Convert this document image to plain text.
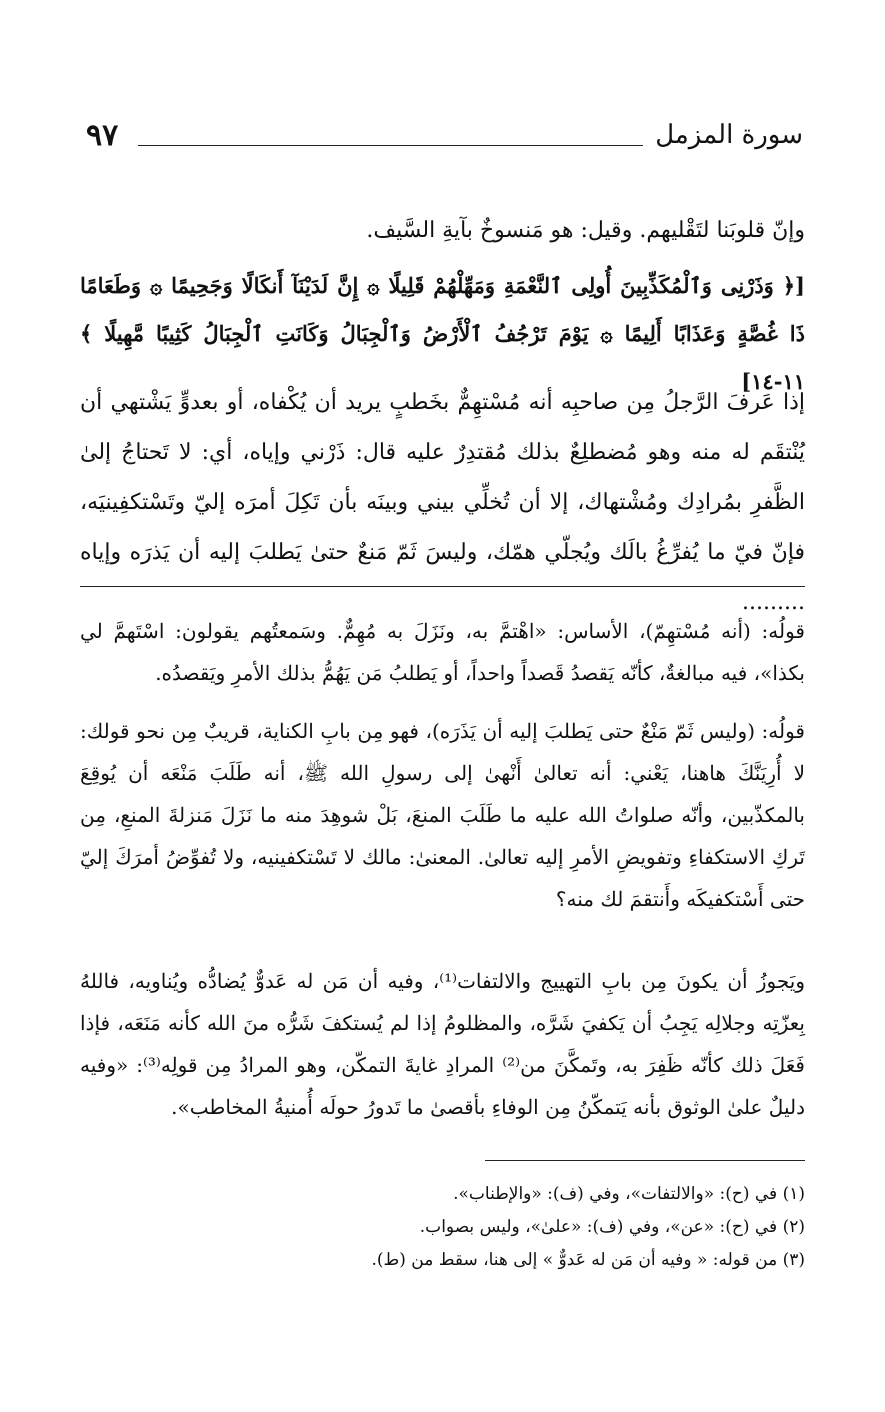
٩٧	سورة المزمل
وإنّ قلوبَنا لتَقْليهم. وقيل: هو مَنسوخٌ بآيةِ السَّيف.
[﴿ وَذَرْنِى وَٱلْمُكَذِّبِينَ أُولِى ٱلنَّعْمَةِ وَمَهِّلْهُمْ قَلِيلًا ۞ إِنَّ لَدَيْنَآ أَنكَالًا وَجَحِيمًا ۞ وَطَعَامًا ذَا غُصَّةٍ وَعَذَابًا أَلِيمًا ۞ يَوْمَ تَرْجُفُ ٱلْأَرْضُ وَٱلْجِبَالُ وَكَانَتِ ٱلْجِبَالُ كَثِيبًا مَّهِيلًا ﴾ ١١-١٤]
إذا عَرفَ الرَّجلُ مِن صاحبِه أنه مُسْتهِمٌّ بخَطبٍ يريد أن يُكْفاه، أو بعدوٍّ يَشْتهي أن يُنْتقَم له منه وهو مُضطلِعٌ بذلك مُقتدِرٌ عليه قال: ذَرْني وإياه، أي: لا تَحتاجُ إلىٰ الظَّفرِ بمُرادِك ومُشْتهاك، إلا أن تُخلِّي بيني وبينَه بأن تَكِلَ أمرَه إليّ وتَسْتكفِينيَه، فإنّ فيّ ما يُفرِّغُ بالَك ويُجلّي همّك، وليسَ ثَمّ مَنعٌ حتىٰ يَطلبَ إليه أن يَذرَه وإياه .........
قولُه: (أنه مُسْتهِمّ)، الأساس: «اهْتمَّ به، ونَزَلَ به مُهِمٌّ. وسَمعتُهم يقولون: اسْتَهمَّ لي بكذا»، فيه مبالغةٌ، كأنّه يَقصدُ قَصداً واحداً، أو يَطلبُ مَن يَهُمُّ بذلك الأمرِ ويَقصدُه.
قولُه: (وليس ثَمّ مَنْعٌ حتى يَطلبَ إليه أن يَذَرَه)، فهو مِن بابِ الكناية، قريبٌ مِن نحو قولك: لا أُرِيَنَّكَ هاهنا، يَعْني: أنه تعالىٰ أَنْهىٰ إلى رسولِ الله ﷺ، أنه طَلَبَ مَنْعَه أن يُوقِعَ بالمكذّبين، وأنّه صلواتُ الله عليه ما طَلَبَ المنعَ، بَلْ شوهِدَ منه ما نَزَلَ مَنزلةَ المنعِ، مِن تَركِ الاستكفاءِ وتفويضِ الأمرِ إليه تعالىٰ. المعنىٰ: مالك لا تَسْتكفينيه، ولا تُفوِّضُ أمرَكَ إليّ حتى أَسْتكفيكَه وأَنتقمَ لك منه؟
ويَجوزُ أن يكونَ مِن بابِ التهييج والالتفات⁽¹⁾، وفيه أن مَن له عَدوٌّ يُضادُّه ويُناويه، فاللهُ بِعزّتِه وجلالِه يَجِبُ أن يَكفيَ شَرَّه، والمظلومُ إذا لم يُستكفَ شَرُّه منَ الله كأنه مَنَعَه، فإذا فَعَلَ ذلك كأنّه ظَفِرَ به، وتَمكَّنَ من⁽²⁾ المرادِ غايةَ التمكّن، وهو المرادُ مِن قولِه⁽³⁾: «وفيه دليلٌ علىٰ الوثوق بأنه يَتمكّنُ مِن الوفاءِ بأقصىٰ ما تَدورُ حولَه أُمنيةُ المخاطب».
(١) في (ح): «والالتفات»، وفي (ف): «والإطناب».
(٢) في (ح): «عن»، وفي (ف): «علىٰ»، وليس بصواب.
(٣) من قوله: « وفيه أن مَن له عَدوٌّ » إلى هنا، سقط من (ط).
